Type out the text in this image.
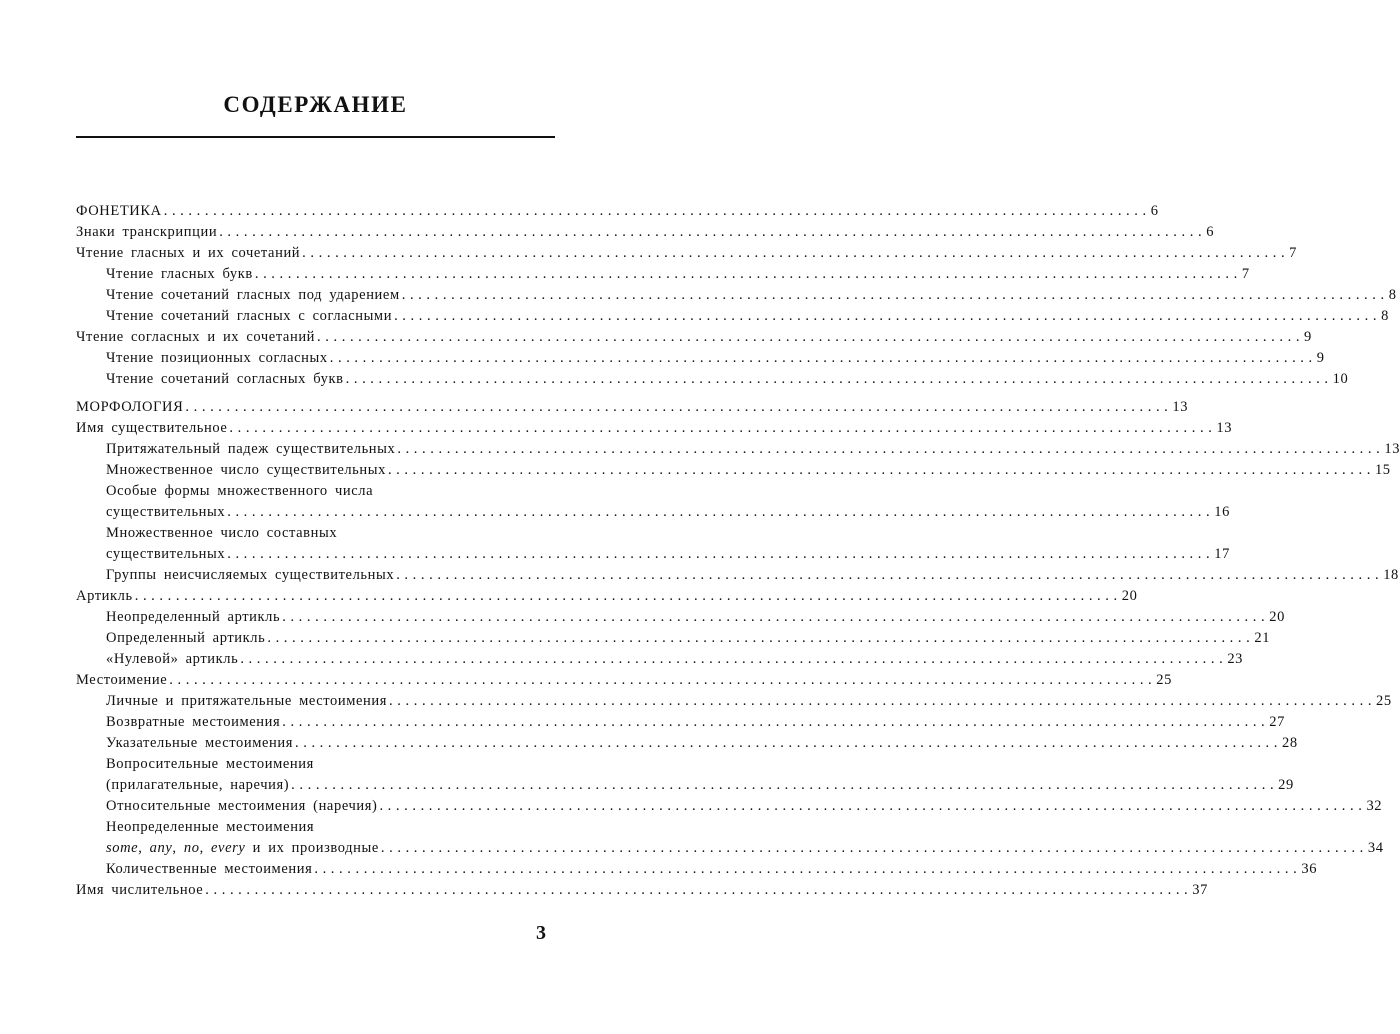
СОДЕРЖАНИЕ
ФОНЕТИКА ........................................................................................................................ 6
Знаки транскрипции ........................................................................................................................ 6
Чтение гласных и их сочетаний ........................................................................................................................ 7
Чтение гласных букв ........................................................................................................................ 7
Чтение сочетаний гласных под ударением ........................................................................................................................ 8
Чтение сочетаний гласных с согласными ........................................................................................................................ 8
Чтение согласных и их сочетаний ........................................................................................................................ 9
Чтение позиционных согласных ........................................................................................................................ 9
Чтение сочетаний согласных букв ........................................................................................................................ 10
МОРФОЛОГИЯ ........................................................................................................................ 13
Имя существительное ........................................................................................................................ 13
Притяжательный падеж существительных ........................................................................................................................ 13
Множественное число существительных ........................................................................................................................ 15
Особые формы множественного числа
существительных ........................................................................................................................ 16
Множественное число составных
существительных ........................................................................................................................ 17
Группы неисчисляемых существительных ........................................................................................................................ 18
Артикль ........................................................................................................................ 20
Неопределенный артикль ........................................................................................................................ 20
Определенный артикль ........................................................................................................................ 21
«Нулевой» артикль ........................................................................................................................ 23
Местоимение ........................................................................................................................ 25
Личные и притяжательные местоимения ........................................................................................................................ 25
Возвратные местоимения ........................................................................................................................ 27
Указательные местоимения ........................................................................................................................ 28
Вопросительные местоимения
(прилагательные, наречия) ........................................................................................................................ 29
Относительные местоимения (наречия) ........................................................................................................................ 32
Неопределенные местоимения
some, any, no, every и их производные ........................................................................................................................ 34
Количественные местоимения ........................................................................................................................ 36
Имя числительное ........................................................................................................................ 37
3
